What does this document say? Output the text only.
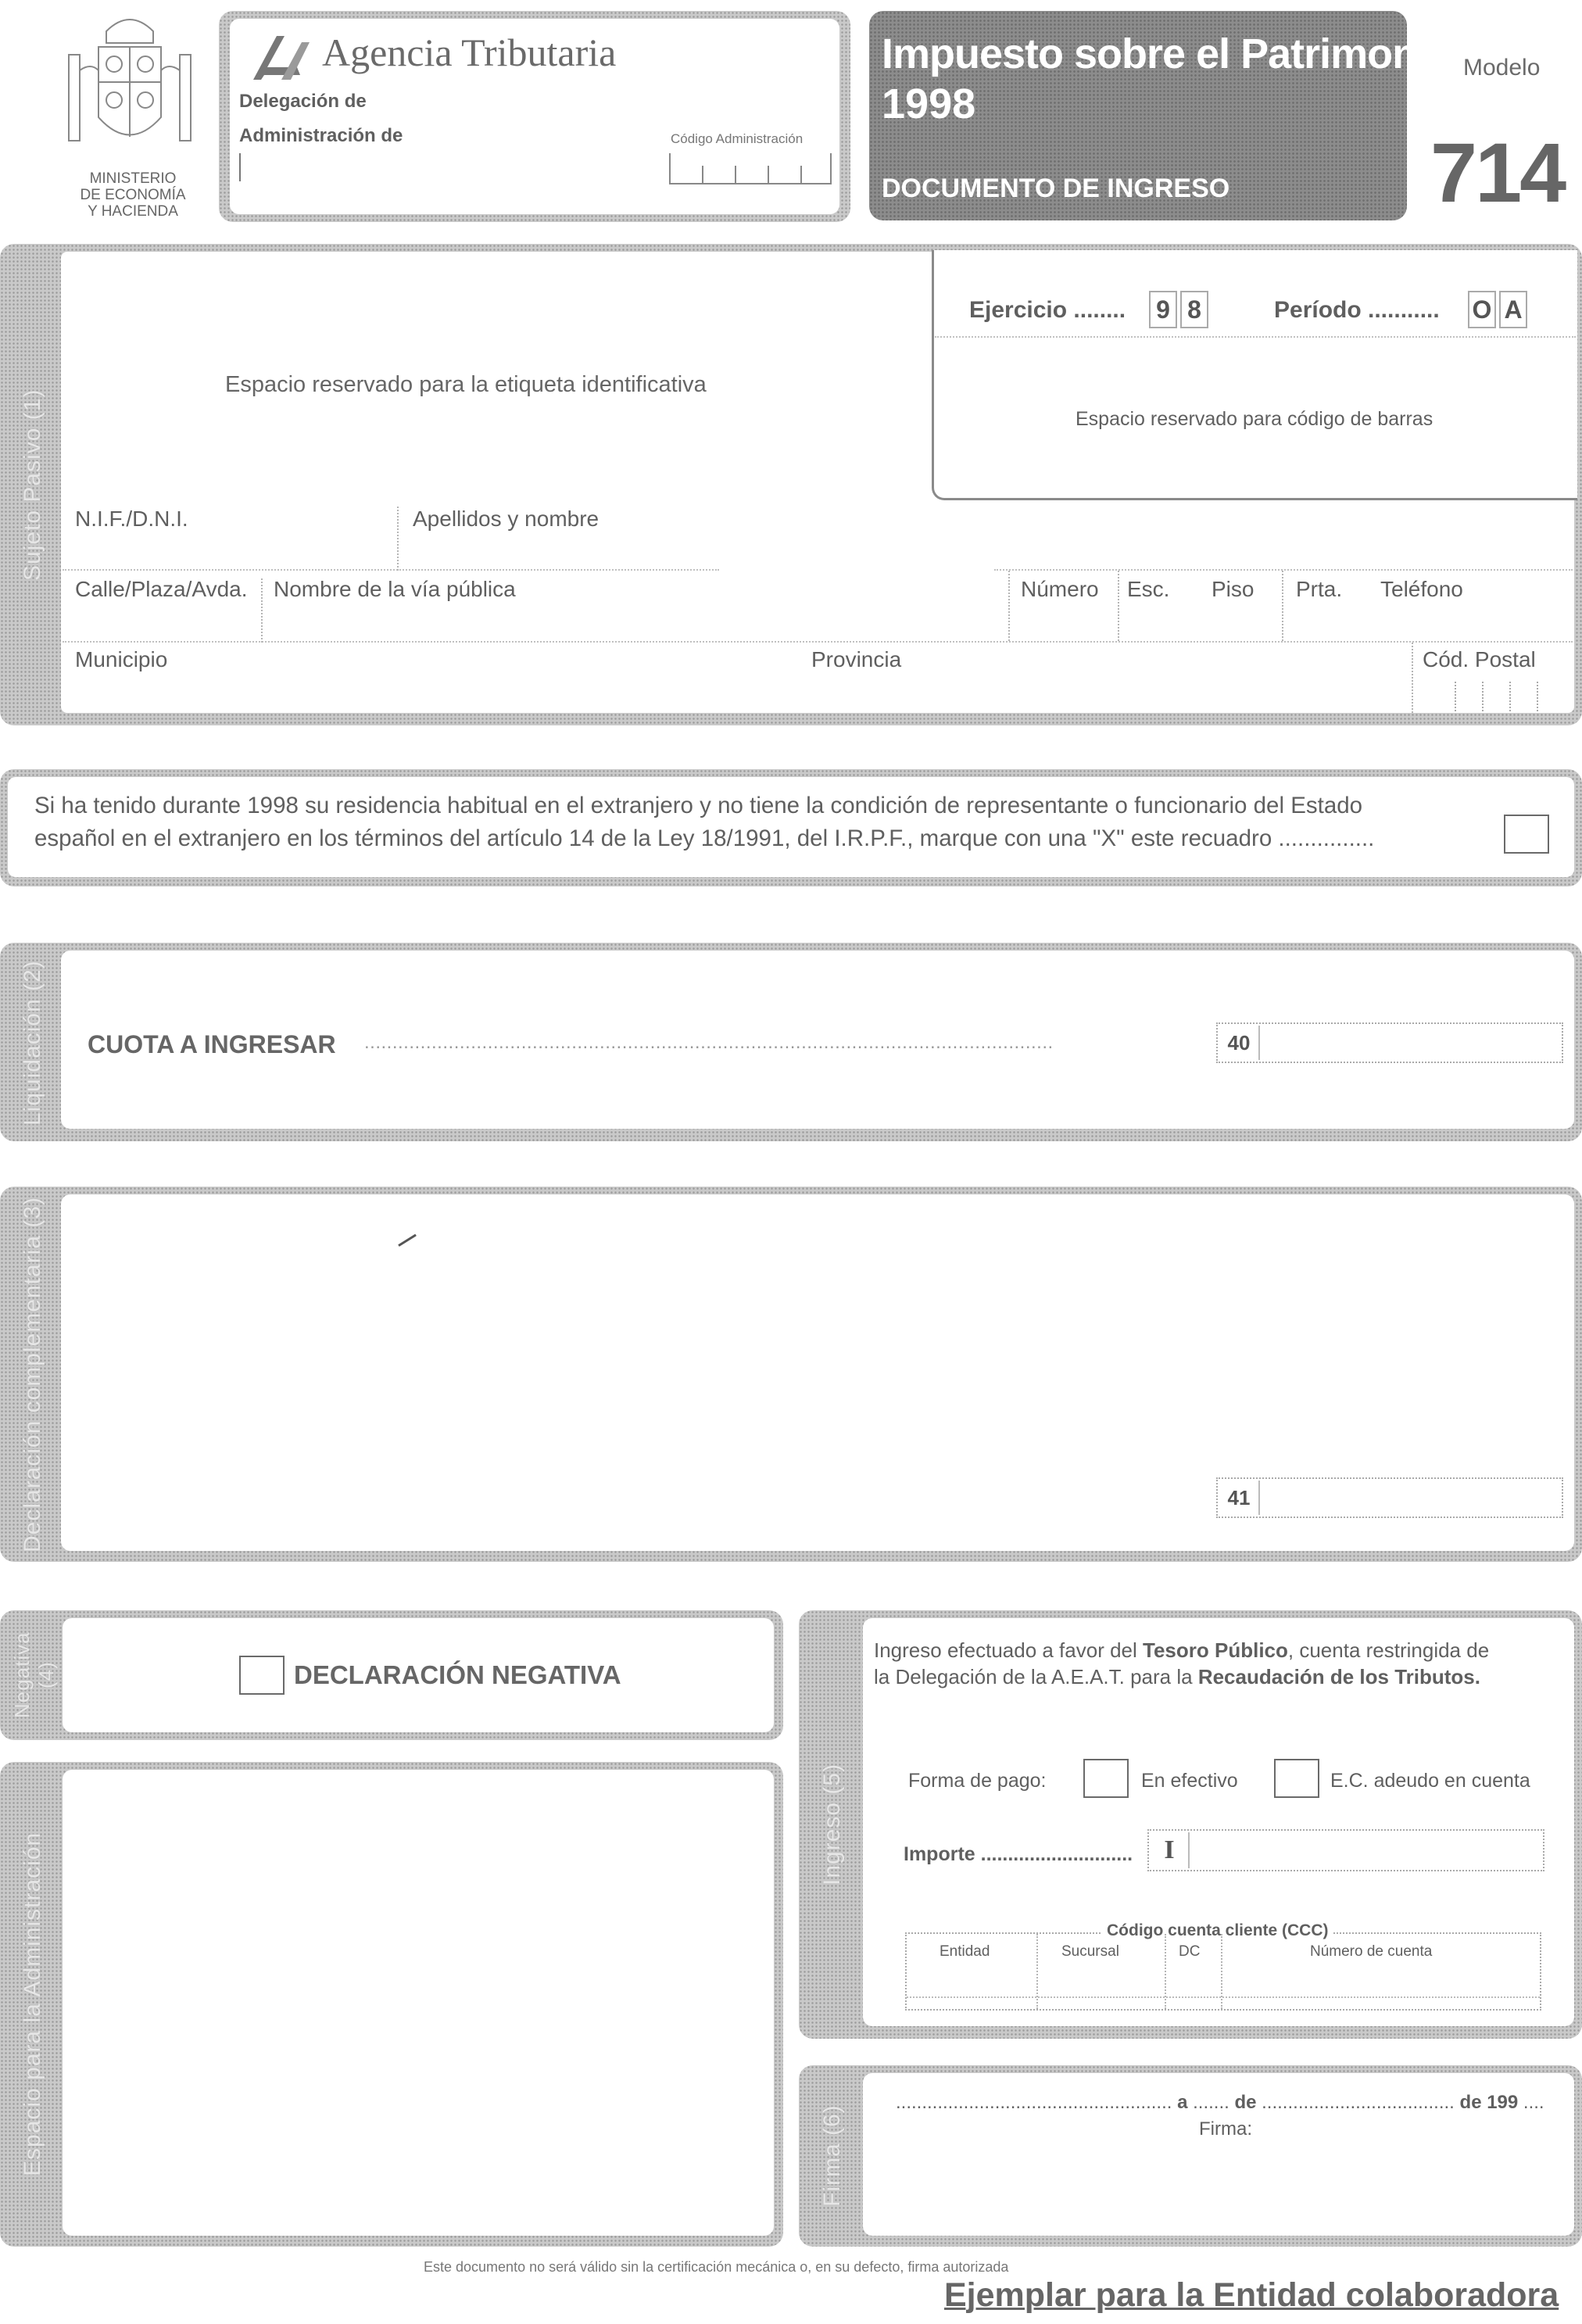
MINISTERIO
DE ECONOMÍA
Y HACIENDA
Agencia Tributaria
Delegación de
Administración de	Código Administración
Impuesto sobre el Patrimonio
1998
DOCUMENTO DE INGRESO
Modelo
714
Sujeto Pasivo (1)
Espacio reservado para la etiqueta identificativa
Ejercicio ........ 9 8	Período ........... O A
Espacio reservado para código de barras
N.I.F./D.N.I.	Apellidos y nombre
Calle/Plaza/Avda. Nombre de la vía pública	Número Esc. Piso Prta. Teléfono
Municipio	Provincia	Cód. Postal
Si ha tenido durante 1998 su residencia habitual en el extranjero y no tiene la condición de representante o funcionario del Estado
español en el extranjero en los términos del artículo 14 de la Ley 18/1991, del I.R.P.F., marque con una "X" este recuadro ...............
Liquidación (2)	CUOTA A INGRESAR ...........................................................................................................................	40
Declaración complementaria (3)	41
Negativa (4)	DECLARACIÓN NEGATIVA
Espacio para la Administración
Ingreso (5)
Ingreso efectuado a favor del Tesoro Público, cuenta restringida de
la Delegación de la A.E.A.T. para la Recaudación de los Tributos.
Forma de pago:	En efectivo	E.C. adeudo en cuenta
Importe ............................	I
Código cuenta cliente (CCC)
Entidad	Sucursal	DC	Número de cuenta
Firma (6)
..................................................... a ....... de ..................................... de 199 ....
Firma:
Este documento no será válido sin la certificación mecánica o, en su defecto, firma autorizada
Ejemplar para la Entidad colaboradora
